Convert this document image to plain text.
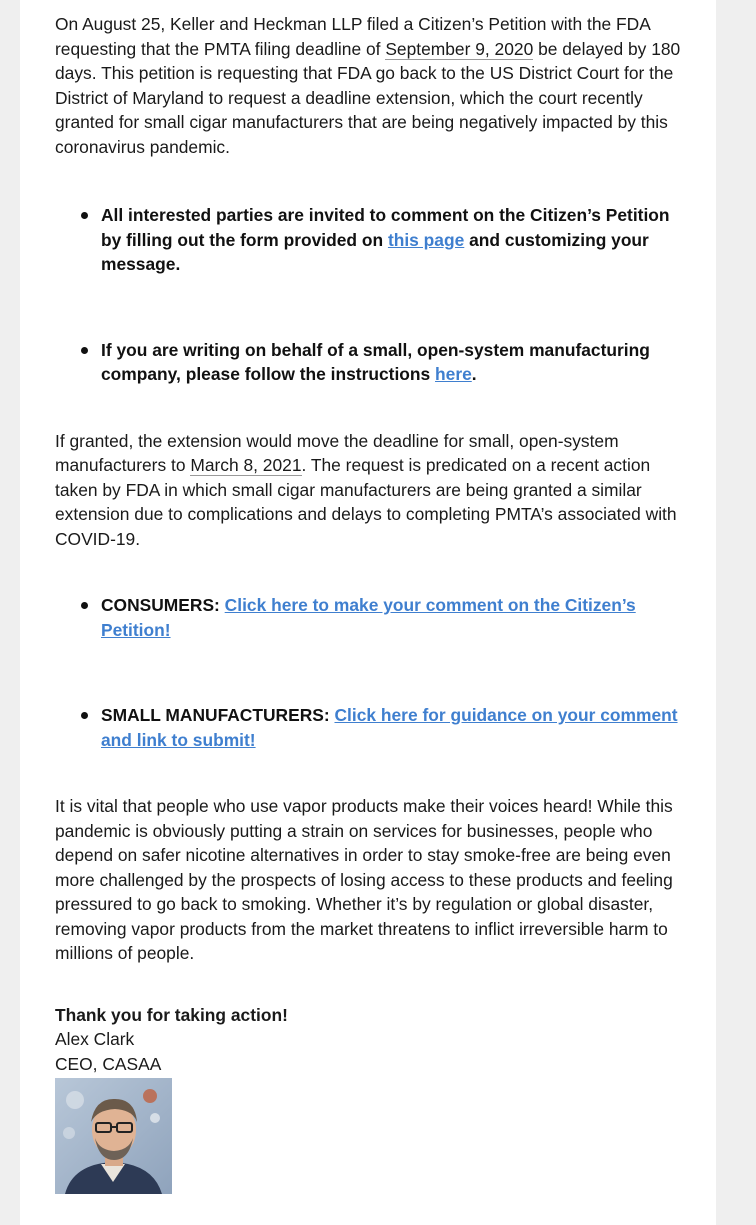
On August 25, Keller and Heckman LLP filed a Citizen’s Petition with the FDA requesting that the PMTA filing deadline of September 9, 2020 be delayed by 180 days. This petition is requesting that FDA go back to the US District Court for the District of Maryland to request a deadline extension, which the court recently granted for small cigar manufacturers that are being negatively impacted by this coronavirus pandemic.

All interested parties are invited to comment on the Citizen’s Petition by filling out the form provided on this page and customizing your message.
If you are writing on behalf of a small, open-system manufacturing company, please follow the instructions here.

If granted, the extension would move the deadline for small, open-system manufacturers to March 8, 2021. The request is predicated on a recent action taken by FDA in which small cigar manufacturers are being granted a similar extension due to complications and delays to completing PMTA’s associated with COVID-19.

CONSUMERS: Click here to make your comment on the Citizen’s Petition!
SMALL MANUFACTURERS: Click here for guidance on your comment and link to submit!

It is vital that people who use vapor products make their voices heard! While this pandemic is obviously putting a strain on services for businesses, people who depend on safer nicotine alternatives in order to stay smoke-free are being even more challenged by the prospects of losing access to these products and feeling pressured to go back to smoking. Whether it’s by regulation or global disaster, removing vapor products from the market threatens to inflict irreversible harm to millions of people.

Thank you for taking action!
Alex Clark
CEO, CASAA
